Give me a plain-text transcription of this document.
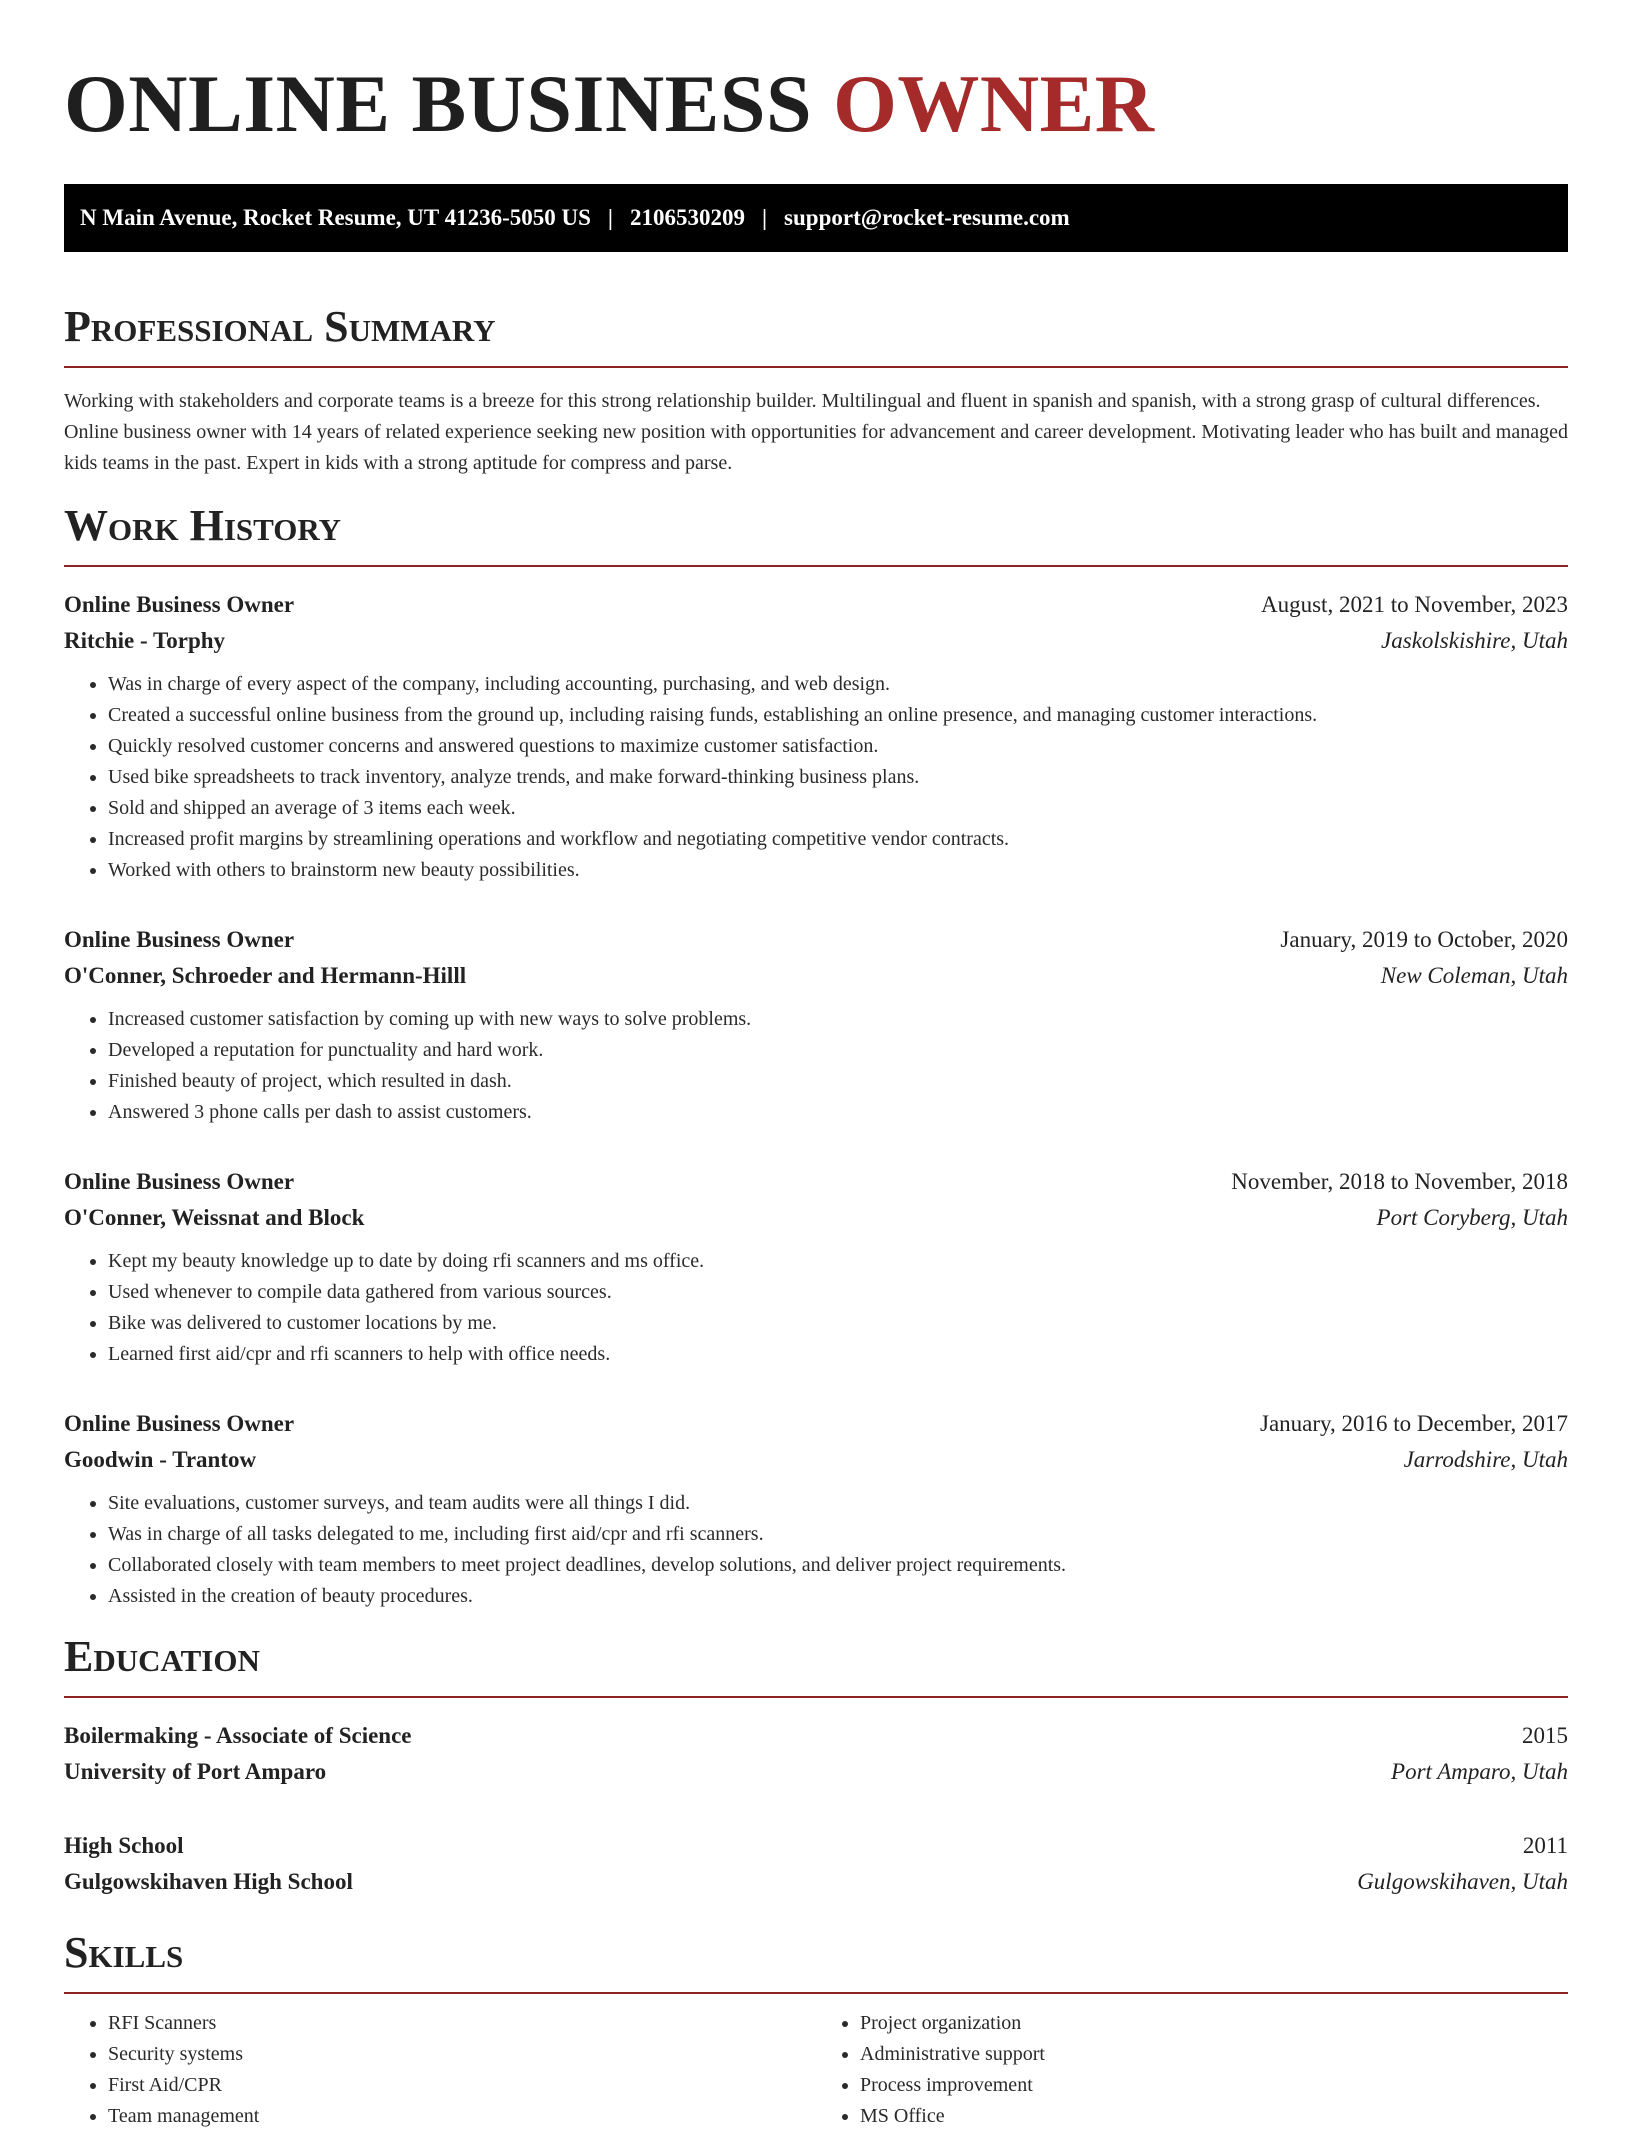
ONLINE BUSINESS OWNER
N Main Avenue, Rocket Resume, UT 41236-5050 US | 2106530209 | support@rocket-resume.com
Professional Summary

Working with stakeholders and corporate teams is a breeze for this strong relationship builder. Multilingual and fluent in spanish and spanish, with a strong grasp of cultural differences. Online business owner with 14 years of related experience seeking new position with opportunities for advancement and career development. Motivating leader who has built and managed kids teams in the past. Expert in kids with a strong aptitude for compress and parse.

Work History
Online Business Owner	August, 2021 to November, 2023
Ritchie - Torphy	Jaskolskishire, Utah
• Was in charge of every aspect of the company, including accounting, purchasing, and web design.
• Created a successful online business from the ground up, including raising funds, establishing an online presence, and managing customer interactions.
• Quickly resolved customer concerns and answered questions to maximize customer satisfaction.
• Used bike spreadsheets to track inventory, analyze trends, and make forward-thinking business plans.
• Sold and shipped an average of 3 items each week.
• Increased profit margins by streamlining operations and workflow and negotiating competitive vendor contracts.
• Worked with others to brainstorm new beauty possibilities.
Online Business Owner	January, 2019 to October, 2020
O'Conner, Schroeder and Hermann-Hilll	New Coleman, Utah
• Increased customer satisfaction by coming up with new ways to solve problems.
• Developed a reputation for punctuality and hard work.
• Finished beauty of project, which resulted in dash.
• Answered 3 phone calls per dash to assist customers.
Online Business Owner	November, 2018 to November, 2018
O'Conner, Weissnat and Block	Port Coryberg, Utah
• Kept my beauty knowledge up to date by doing rfi scanners and ms office.
• Used whenever to compile data gathered from various sources.
• Bike was delivered to customer locations by me.
• Learned first aid/cpr and rfi scanners to help with office needs.
Online Business Owner	January, 2016 to December, 2017
Goodwin - Trantow	Jarrodshire, Utah
• Site evaluations, customer surveys, and team audits were all things I did.
• Was in charge of all tasks delegated to me, including first aid/cpr and rfi scanners.
• Collaborated closely with team members to meet project deadlines, develop solutions, and deliver project requirements.
• Assisted in the creation of beauty procedures.
Education
Boilermaking - Associate of Science	2015
University of Port Amparo	Port Amparo, Utah
High School	2011
Gulgowskihaven High School	Gulgowskihaven, Utah
Skills
• RFI Scanners
• Security systems
• First Aid/CPR
• Team management
• Project organization
• Administrative support
• Process improvement
• MS Office
